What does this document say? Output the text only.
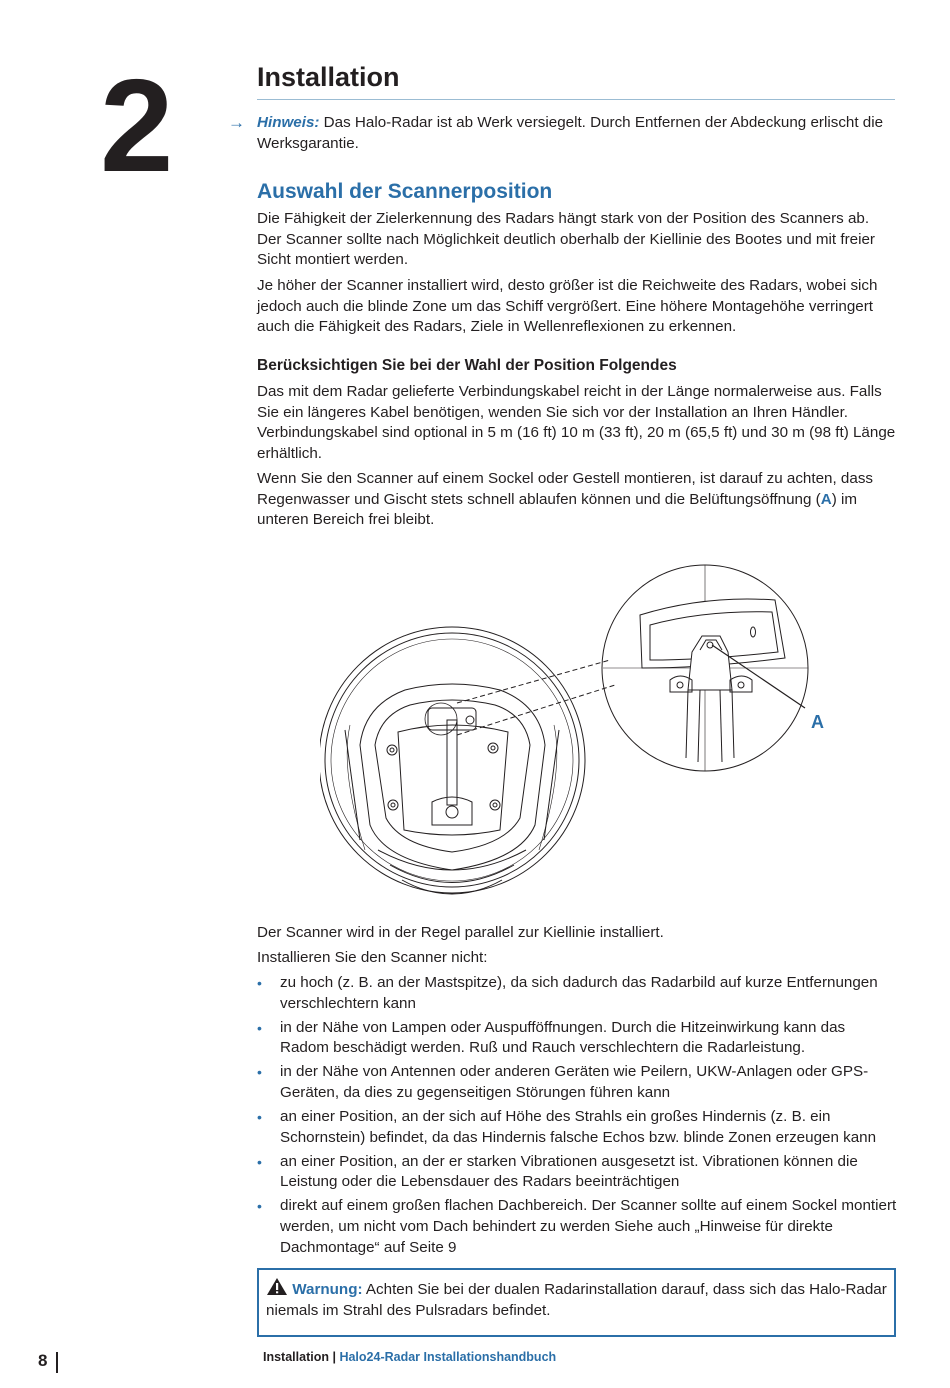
2	Installation
→ Hinweis: Das Halo-Radar ist ab Werk versiegelt. Durch Entfernen der Abdeckung erlischt die Werksgarantie.
Auswahl der Scannerposition
Die Fähigkeit der Zielerkennung des Radars hängt stark von der Position des Scanners ab. Der Scanner sollte nach Möglichkeit deutlich oberhalb der Kiellinie des Bootes und mit freier Sicht montiert werden.
Je höher der Scanner installiert wird, desto größer ist die Reichweite des Radars, wobei sich jedoch auch die blinde Zone um das Schiff vergrößert. Eine höhere Montagehöhe verringert auch die Fähigkeit des Radars, Ziele in Wellenreflexionen zu erkennen.
Berücksichtigen Sie bei der Wahl der Position Folgendes
Das mit dem Radar gelieferte Verbindungskabel reicht in der Länge normalerweise aus. Falls Sie ein längeres Kabel benötigen, wenden Sie sich vor der Installation an Ihren Händler. Verbindungskabel sind optional in 5 m (16 ft) 10 m (33 ft), 20 m (65,5 ft) und 30 m (98 ft) Länge erhältlich.
Wenn Sie den Scanner auf einem Sockel oder Gestell montieren, ist darauf zu achten, dass Regenwasser und Gischt stets schnell ablaufen können und die Belüftungsöffnung (A) im unteren Bereich frei bleibt.
A
Der Scanner wird in der Regel parallel zur Kiellinie installiert.
Installieren Sie den Scanner nicht:
• zu hoch (z. B. an der Mastspitze), da sich dadurch das Radarbild auf kurze Entfernungen verschlechtern kann
• in der Nähe von Lampen oder Auspufföffnungen. Durch die Hitzeinwirkung kann das Radom beschädigt werden. Ruß und Rauch verschlechtern die Radarleistung.
• in der Nähe von Antennen oder anderen Geräten wie Peilern, UKW-Anlagen oder GPS-Geräten, da dies zu gegenseitigen Störungen führen kann
• an einer Position, an der sich auf Höhe des Strahls ein großes Hindernis (z. B. ein Schornstein) befindet, da das Hindernis falsche Echos bzw. blinde Zonen erzeugen kann
• an einer Position, an der er starken Vibrationen ausgesetzt ist. Vibrationen können die Leistung oder die Lebensdauer des Radars beeinträchtigen
• direkt auf einem großen flachen Dachbereich. Der Scanner sollte auf einem Sockel montiert werden, um nicht vom Dach behindert zu werden Siehe auch „Hinweise für direkte Dachmontage“ auf Seite 9
Warnung: Achten Sie bei der dualen Radarinstallation darauf, dass sich das Halo-Radar niemals im Strahl des Pulsradars befindet.
8	Installation | Halo24-Radar Installationshandbuch
